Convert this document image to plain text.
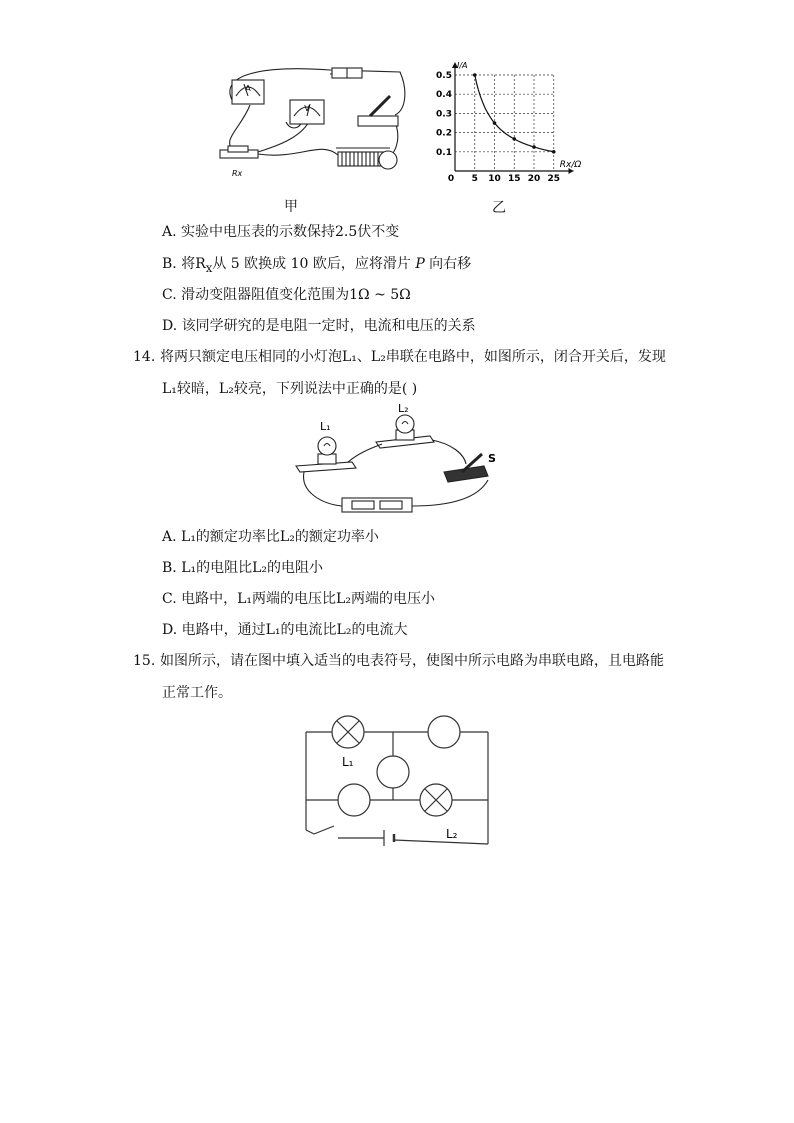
A
V
Rx
甲
0 5 10 15 20 25
0.1
0.2
0.3
0.4
0.5
Rx/Ω
I/A
乙
A. 实验中电压表的示数保持2.5伏不变
B. 将$R_x$从 5 欧换成 10 欧后，应将滑片 P 向右移
C. 滑动变阻器阻值变化范围为1Ω ~ 5Ω
D. 该同学研究的是电阻一定时，电流和电压的关系
14. 将两只额定电压相同的小灯泡L₁、L₂串联在电路中，如图所示，闭合开关后，发现
L₁较暗，L₂较亮，下列说法中正确的是( )
L₁
L₂
S
A. L₁的额定功率比L₂的额定功率小
B. L₁的电阻比L₂的电阻小
C. 电路中，L₁两端的电压比L₂两端的电压小
D. 电路中，通过L₁的电流比L₂的电流大
15. 如图所示，请在图中填入适当的电表符号，使图中所示电路为串联电路，且电路能
正常工作。
L₁
L₂
